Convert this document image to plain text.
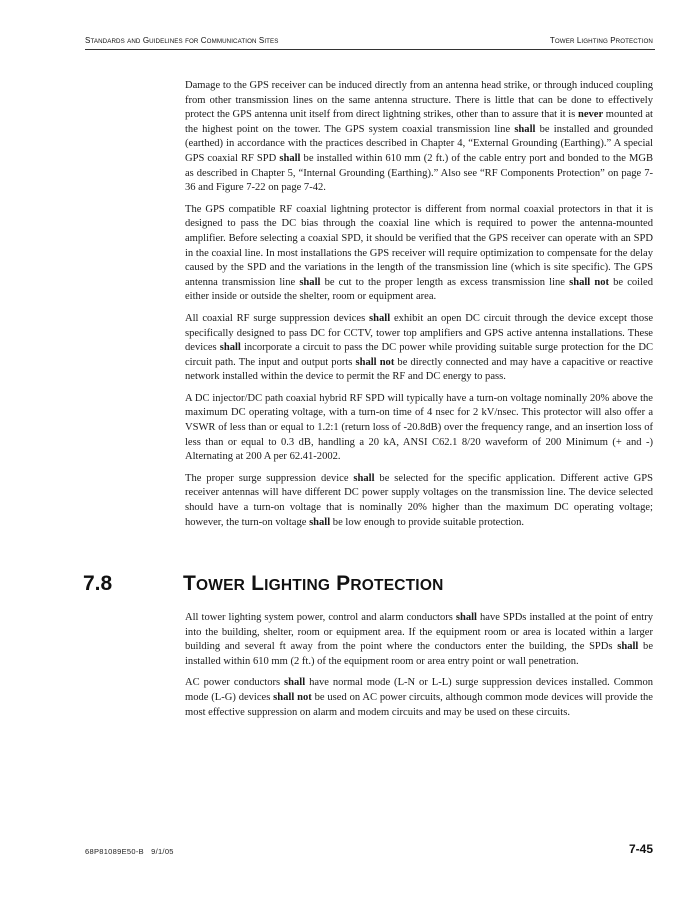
STANDARDS AND GUIDELINES FOR COMMUNICATION SITES	TOWER LIGHTING PROTECTION

Damage to the GPS receiver can be induced directly from an antenna head strike, or through induced coupling from other transmission lines on the same antenna structure. There is little that can be done to effectively protect the GPS antenna unit itself from direct lightning strikes, other than to assure that it is never mounted at the highest point on the tower. The GPS system coaxial transmission line shall be installed and grounded (earthed) in accordance with the practices described in Chapter 4, “External Grounding (Earthing).” A special GPS coaxial RF SPD shall be installed within 610 mm (2 ft.) of the cable entry port and bonded to the MGB as described in Chapter 5, “Internal Grounding (Earthing).” Also see “RF Components Protection” on page 7-36 and Figure 7-22 on page 7-42.

The GPS compatible RF coaxial lightning protector is different from normal coaxial protectors in that it is designed to pass the DC bias through the coaxial line which is required to power the antenna-mounted amplifier. Before selecting a coaxial SPD, it should be verified that the GPS receiver can operate with an SPD in the coaxial line. In most installations the GPS receiver will require optimization to compensate for the delay caused by the SPD and the variations in the length of the transmission line (which is site specific). The GPS antenna transmission line shall be cut to the proper length as excess transmission line shall not be coiled either inside or outside the shelter, room or equipment area.

All coaxial RF surge suppression devices shall exhibit an open DC circuit through the device except those specifically designed to pass DC for CCTV, tower top amplifiers and GPS active antenna installations. These devices shall incorporate a circuit to pass the DC power while providing suitable surge protection for the DC circuit path. The input and output ports shall not be directly connected and may have a capacitive or reactive network installed within the device to permit the RF and DC energy to pass.

A DC injector/DC path coaxial hybrid RF SPD will typically have a turn-on voltage nominally 20% above the maximum DC operating voltage, with a turn-on time of 4 nsec for 2 kV/nsec. This protector will also offer a VSWR of less than or equal to 1.2:1 (return loss of -20.8dB) over the frequency range, and an insertion loss of less than or equal to 0.3 dB, handling a 20 kA, ANSI C62.1 8/20 waveform of 200 Minimum (+ and -) Alternating at 200 A per 62.41-2002.

The proper surge suppression device shall be selected for the specific application. Different active GPS receiver antennas will have different DC power supply voltages on the transmission line. The device selected should have a turn-on voltage that is nominally 20% higher than the maximum DC operating voltage; however, the turn-on voltage shall be low enough to provide suitable protection.

7.8	TOWER LIGHTING PROTECTION

All tower lighting system power, control and alarm conductors shall have SPDs installed at the point of entry into the building, shelter, room or equipment area. If the equipment room or area is located within a larger building and several ft away from the point where the conductors enter the building, the SPDs shall be installed within 610 mm (2 ft.) of the equipment room or area entry point or wall penetration.

AC power conductors shall have normal mode (L-N or L-L) surge suppression devices installed. Common mode (L-G) devices shall not be used on AC power circuits, although common mode devices will provide the most effective suppression on alarm and modem circuits and may be used on these circuits.

68P81089E50-B 9/1/05	7-45
